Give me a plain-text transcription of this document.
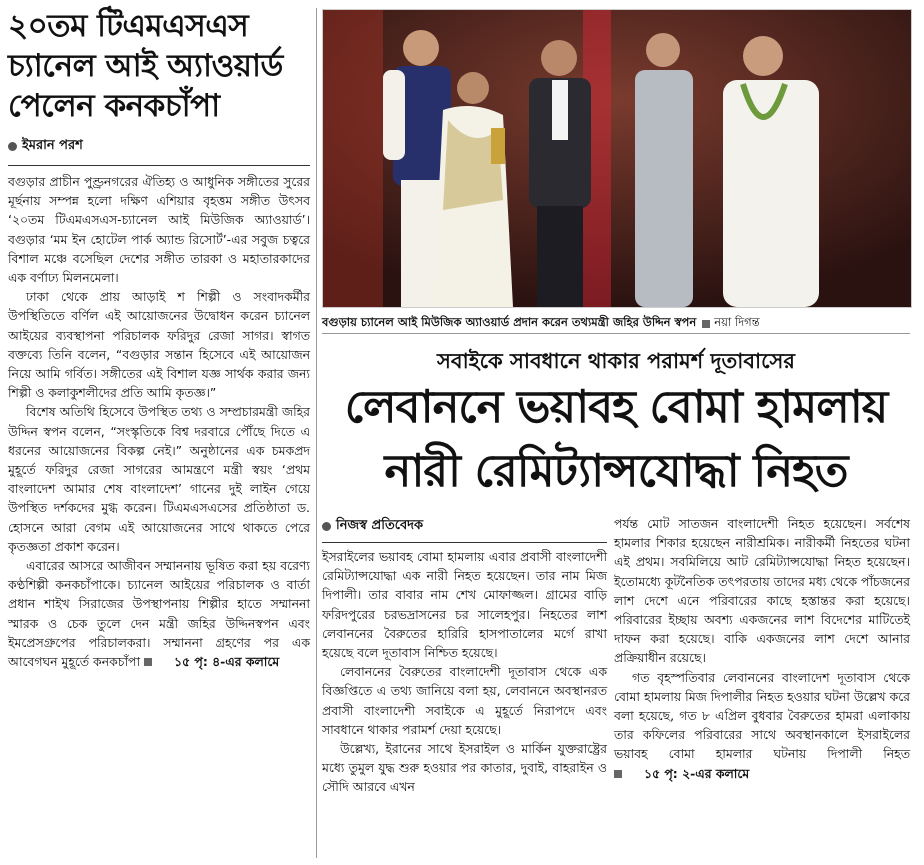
২০তম টিএমএসএস
চ্যানেল আই অ্যাওয়ার্ড
পেলেন কনকচাঁপা
ইমরান পরশ

বগুড়ার প্রাচীন পুণ্ড্রনগরের ঐতিহ্য ও আধুনিক সঙ্গীতের সুরের মূর্ছনায় সম্পন্ন হলো দক্ষিণ এশিয়ার বৃহত্তম সঙ্গীত উৎসব ‘২০তম টিএমএসএস-চ্যানেল আই মিউজিক অ্যাওয়ার্ড’। বগুড়ার ‘মম ইন হোটেল পার্ক অ্যান্ড রিসোর্ট’-এর সবুজ চত্বরে বিশাল মঞ্চে বসেছিল দেশের সঙ্গীত তারকা ও মহাতারকাদের এক বর্ণাঢ্য মিলনমেলা।

ঢাকা থেকে প্রায় আড়াই শ শিল্পী ও সংবাদকর্মীর উপস্থিতিতে বর্ণিল এই আয়োজনের উদ্বোধন করেন চ্যানেল আইয়ের ব্যবস্থাপনা পরিচালক ফরিদুর রেজা সাগর। স্বাগত বক্তব্যে তিনি বলেন, “বগুড়ার সন্তান হিসেবে এই আয়োজন নিয়ে আমি গর্বিত। সঙ্গীতের এই বিশাল যজ্ঞ সার্থক করার জন্য শিল্পী ও কলাকুশলীদের প্রতি আমি কৃতজ্ঞ।”

বিশেষ অতিথি হিসেবে উপস্থিত তথ্য ও সম্প্রচারমন্ত্রী জহির উদ্দিন স্বপন বলেন, “সংস্কৃতিকে বিশ্ব দরবারে পৌঁছে দিতে এ ধরনের আয়োজনের বিকল্প নেই।” অনুষ্ঠানের এক চমকপ্রদ মুহূর্তে ফরিদুর রেজা সাগরের আমন্ত্রণে মন্ত্রী স্বয়ং ‘প্রথম বাংলাদেশ আমার শেষ বাংলাদেশ’ গানের দুই লাইন গেয়ে উপস্থিত দর্শকদের মুগ্ধ করেন। টিএমএসএসের প্রতিষ্ঠাতা ড. হোসনে আরা বেগম এই আয়োজনের সাথে থাকতে পেরে কৃতজ্ঞতা প্রকাশ করেন।

এবারের আসরে আজীবন সম্মাননায় ভূষিত করা হয় বরেণ্য কণ্ঠশিল্পী কনকচাঁপাকে। চ্যানেল আইয়ের পরিচালক ও বার্তা প্রধান শাইখ সিরাজের উপস্থাপনায় শিল্পীর হাতে সম্মাননা স্মারক ও চেক তুলে দেন মন্ত্রী জহির উদ্দিনস্বপন এবং ইমপ্রেসগ্রুপের পরিচালকরা। সম্মাননা গ্রহণের পর এক আবেগঘন মুহূর্তে কনকচাঁপা	১৫ পৃ: ৪-এর কলামে

বগুড়ায় চ্যানেল আই মিউজিক অ্যাওয়ার্ড প্রদান করেন তথ্যমন্ত্রী জহির উদ্দিন স্বপন নয়া দিগন্ত
সবাইকে সাবধানে থাকার পরামর্শ দূতাবাসের
লেবাননে ভয়াবহ বোমা হামলায়
নারী রেমিট্যান্সযোদ্ধা নিহত
নিজস্ব প্রতিবেদক

ইসরাইলের ভয়াবহ বোমা হামলায় এবার প্রবাসী বাংলাদেশী রেমিট্যান্সযোদ্ধা এক নারী নিহত হয়েছেন। তার নাম মিজ দিপালী। তার বাবার নাম শেখ মোফাজ্জল। গ্রামের বাড়ি ফরিদপুরের চরভদ্রাসনের চর সালেহপুর। নিহতের লাশ লেবাননের বৈরুতের হারিরি হাসপাতালের মর্গে রাখা হয়েছে বলে দূতাবাস নিশ্চিত হয়েছে।

লেবাননের বৈরুতের বাংলাদেশী দূতাবাস থেকে এক বিজ্ঞপ্তিতে এ তথ্য জানিয়ে বলা হয়, লেবাননে অবস্থানরত প্রবাসী বাংলাদেশী সবাইকে এ মুহূর্তে নিরাপদে এবং সাবধানে থাকার পরামর্শ দেয়া হয়েছে।

উল্লেখ্য, ইরানের সাথে ইসরাইল ও মার্কিন যুক্তরাষ্ট্রের মধ্যে তুমুল যুদ্ধ শুরু হওয়ার পর কাতার, দুবাই, বাহরাইন ও সৌদি আরবে এখন

পর্যন্ত মোট সাতজন বাংলাদেশী নিহত হয়েছেন। সর্বশেষ হামলার শিকার হয়েছেন নারীশ্রমিক। নারীকর্মী নিহতের ঘটনা এই প্রথম। সবমিলিয়ে আট রেমিট্যান্সযোদ্ধা নিহত হয়েছেন। ইতোমধ্যে কূটনৈতিক তৎপরতায় তাদের মধ্য থেকে পাঁচজনের লাশ দেশে এনে পরিবারের কাছে হস্তান্তর করা হয়েছে। পরিবারের ইচ্ছায় অবশ্য একজনের লাশ বিদেশের মাটিতেই দাফন করা হয়েছে। বাকি একজনের লাশ দেশে আনার প্রক্রিয়াধীন রয়েছে।

গত বৃহস্পতিবার লেবাননের বাংলাদেশ দূতাবাস থেকে বোমা হামলায় মিজ দিপালীর নিহত হওয়ার ঘটনা উল্লেখ করে বলা হয়েছে, গত ৮ এপ্রিল বুধবার বৈরুতের হামরা এলাকায় তার কফিলের পরিবারের সাথে অবস্থানকালে ইসরাইলের ভয়াবহ বোমা হামলার ঘটনায় দিপালী নিহত
১৫ পৃ: ২-এর কলামে
